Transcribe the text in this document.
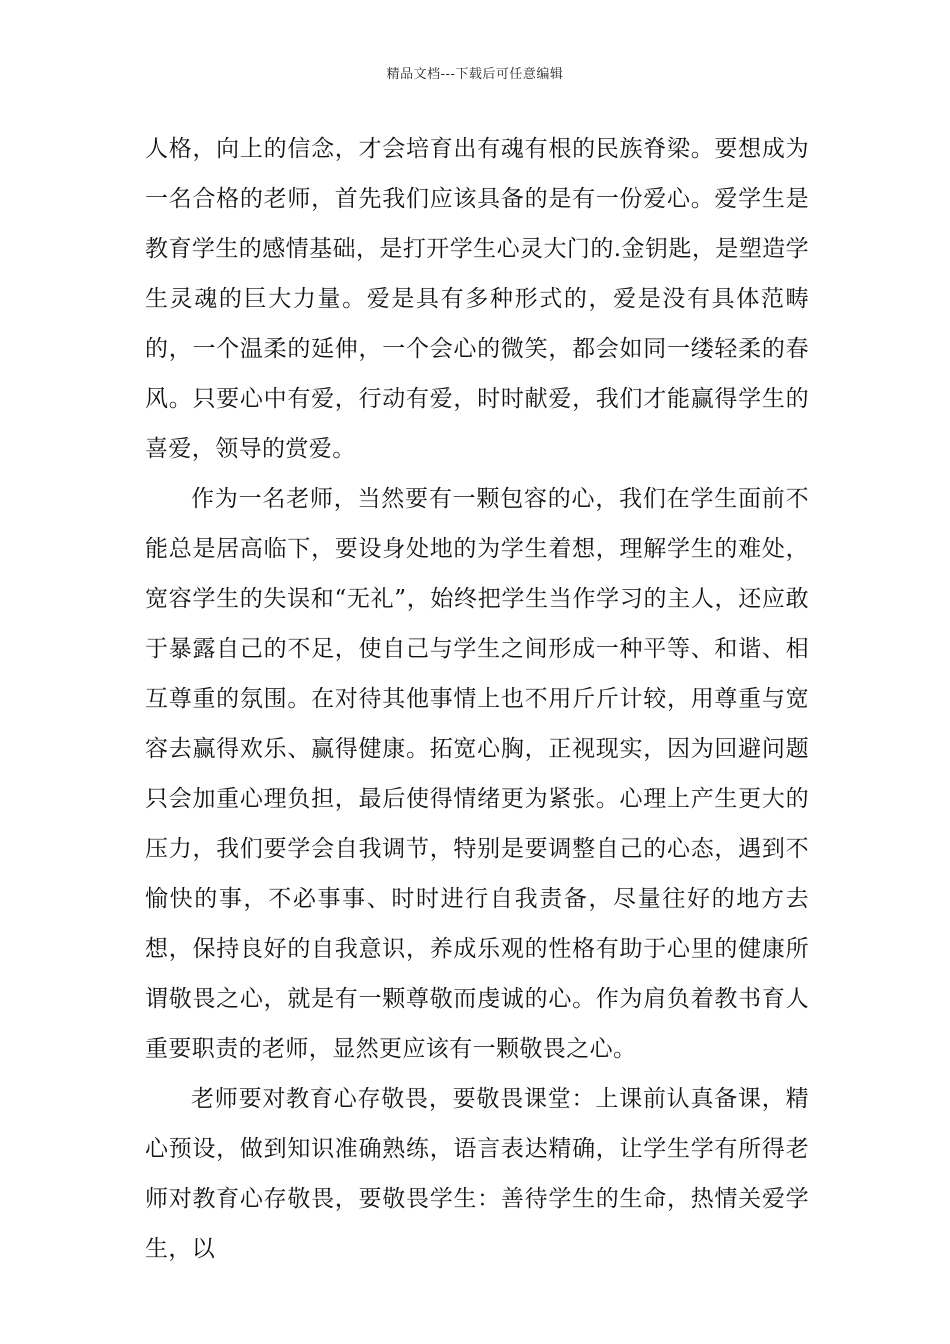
精品文档---下载后可任意编辑

人格，向上的信念，才会培育出有魂有根的民族脊梁。要想成为一名合格的老师，首先我们应该具备的是有一份爱心。爱学生是教育学生的感情基础，是打开学生心灵大门的.金钥匙，是塑造学生灵魂的巨大力量。爱是具有多种形式的，爱是没有具体范畴的，一个温柔的延伸，一个会心的微笑，都会如同一缕轻柔的春风。只要心中有爱，行动有爱，时时献爱，我们才能赢得学生的喜爱，领导的赏爱。

作为一名老师，当然要有一颗包容的心，我们在学生面前不能总是居高临下，要设身处地的为学生着想，理解学生的难处，宽容学生的失误和“无礼”，始终把学生当作学习的主人，还应敢于暴露自己的不足，使自己与学生之间形成一种平等、和谐、相互尊重的氛围。在对待其他事情上也不用斤斤计较，用尊重与宽容去赢得欢乐、赢得健康。拓宽心胸，正视现实，因为回避问题只会加重心理负担，最后使得情绪更为紧张。心理上产生更大的压力，我们要学会自我调节，特别是要调整自己的心态，遇到不愉快的事，不必事事、时时进行自我责备，尽量往好的地方去想，保持良好的自我意识，养成乐观的性格有助于心里的健康所谓敬畏之心，就是有一颗尊敬而虔诚的心。作为肩负着教书育人重要职责的老师，显然更应该有一颗敬畏之心。

老师要对教育心存敬畏，要敬畏课堂：上课前认真备课，精心预设，做到知识准确熟练，语言表达精确，让学生学有所得老师对教育心存敬畏，要敬畏学生：善待学生的生命，热情关爱学生，以
